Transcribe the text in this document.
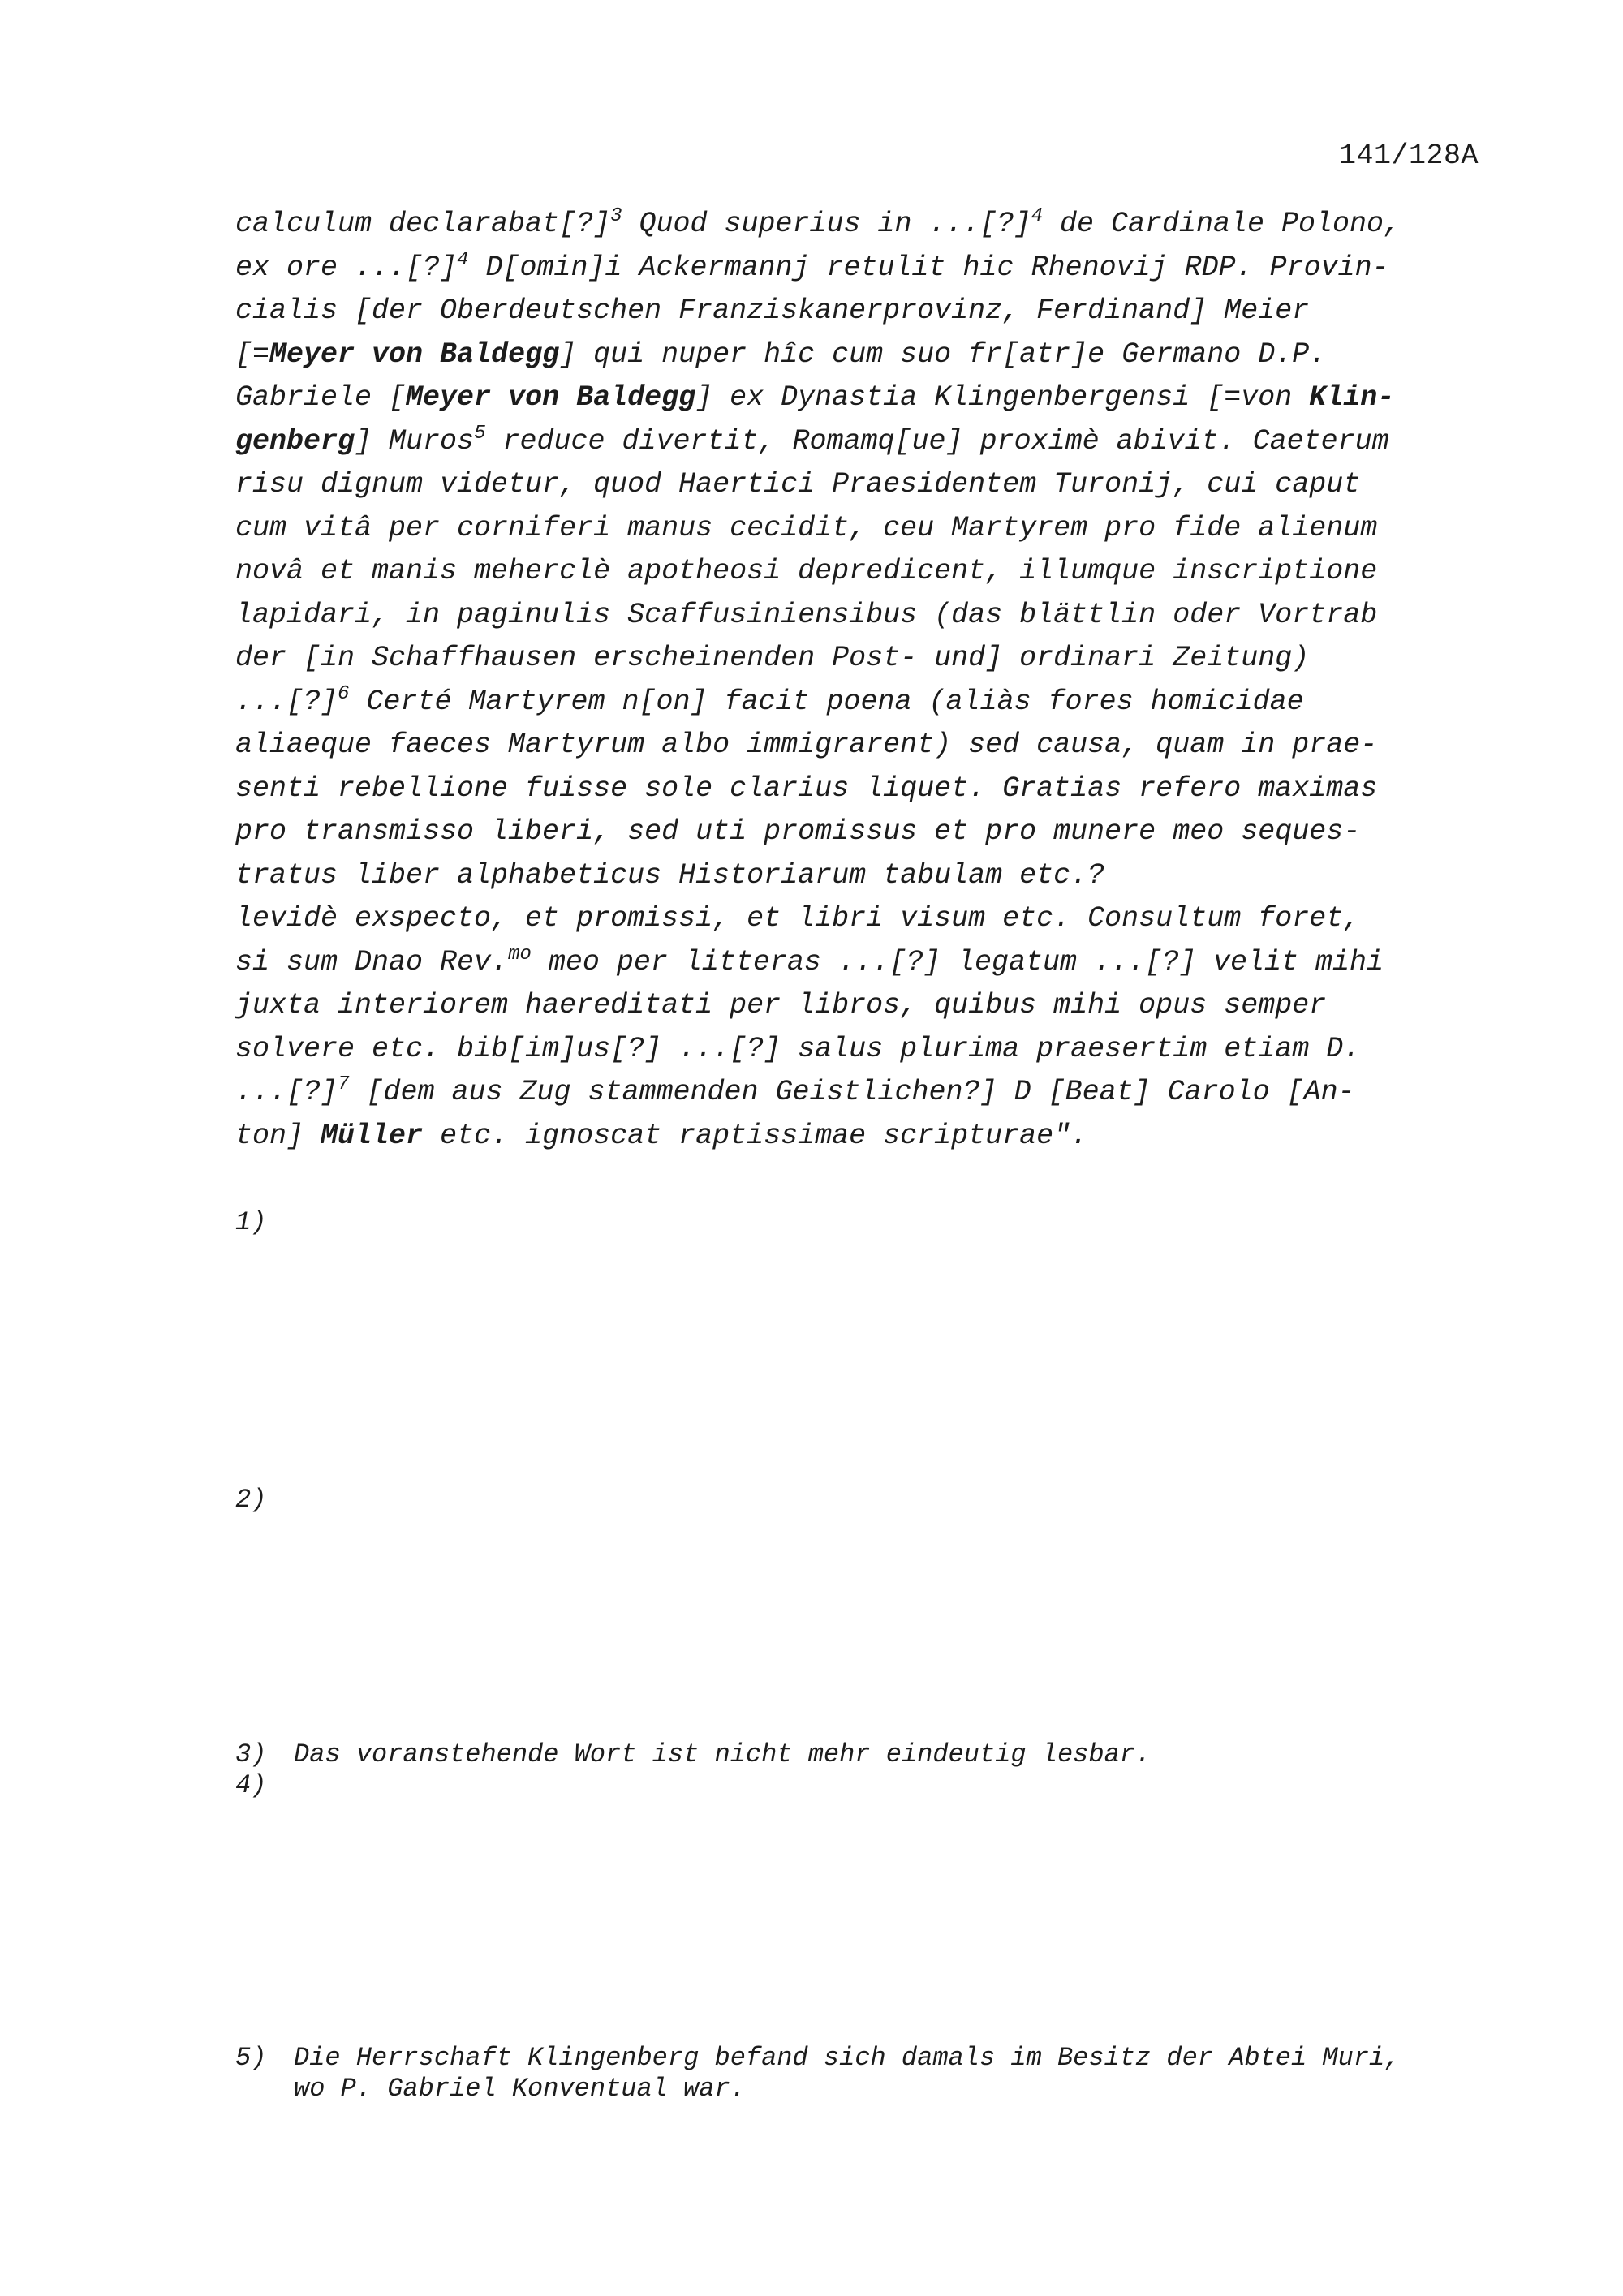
141/128A
calculum declarabat[?]$^3$ Quod superius in ...[?]$^4$ de Cardinale Polono,
ex ore ...[?]$^4$ D[omin]i Ackermannj retulit hic Rhenovij RDP. Provin-
cialis [der Oberdeutschen Franziskanerprovinz, Ferdinand] Meier
[=Meyer von Baldegg] qui nuper hîc cum suo fr[atr]e Germano D.P.
Gabriele [Meyer von Baldegg] ex Dynastia Klingenbergensi [=von Klin-
genberg] Muros$^5$ reduce divertit, Romamq[ue] proximè abivit. Caeterum
risu dignum videtur, quod Haertici Praesidentem Turonij, cui caput
cum vitâ per corniferi manus cecidit, ceu Martyrem pro fide alienum
novâ et manis meherclè apotheosi depredicent, illumque inscriptione
lapidari, in paginulis Scaffusiniensibus (das blättlin oder Vortrab
der [in Schaffhausen erscheinenden Post- und] ordinari Zeitung)
...[?]$^6$ Certé Martyrem n[on] facit poena (aliàs fores homicidae
aliaeque faeces Martyrum albo immigrarent) sed causa, quam in prae-
senti rebellione fuisse sole clarius liquet. Gratias refero maximas
pro transmisso liberi, sed uti promissus et pro munere meo seques-
tratus liber alphabeticus Historiarum tabulam etc.?
levidè exspecto, et promissi, et libri visum etc. Consultum foret,
si sum Dnao Rev.$^{mo}$ meo per litteras ...[?] legatum ...[?] velit mihi
juxta interiorem haereditati per libros, quibus mihi opus semper
solvere etc. bib[im]us[?] ...[?] salus plurima praesertim etiam D.
...[?]$^7$ [dem aus Zug stammenden Geistlichen?] D [Beat] Carolo [An-
ton] Müller etc. ignoscat raptissimae scripturae".
1)
2)
3) Das voranstehende Wort ist nicht mehr eindeutig lesbar.
4)
5) Die Herrschaft Klingenberg befand sich damals im Besitz der Abtei Muri,
wo P. Gabriel Konventual war.
